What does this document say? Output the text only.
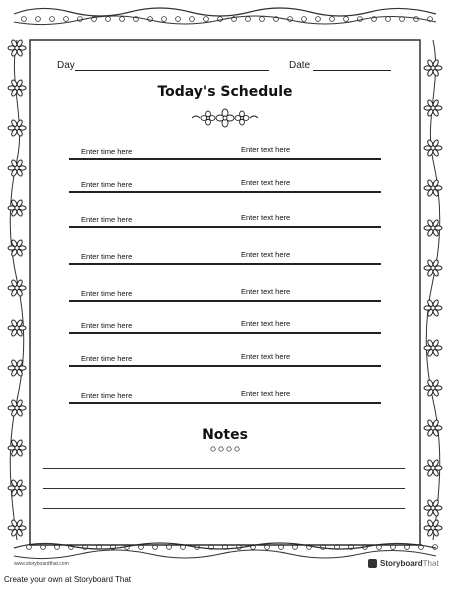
Day	Date
Today's Schedule
Enter time here	Enter text here
Enter time here	Enter text here
Enter time here	Enter text here
Enter time here	Enter text here
Enter time here	Enter text here
Enter time here	Enter text here
Enter time here	Enter text here
Enter time here	Enter text here
Notes
www.storyboardthat.com	StoryboardThat
Create your own at Storyboard That
